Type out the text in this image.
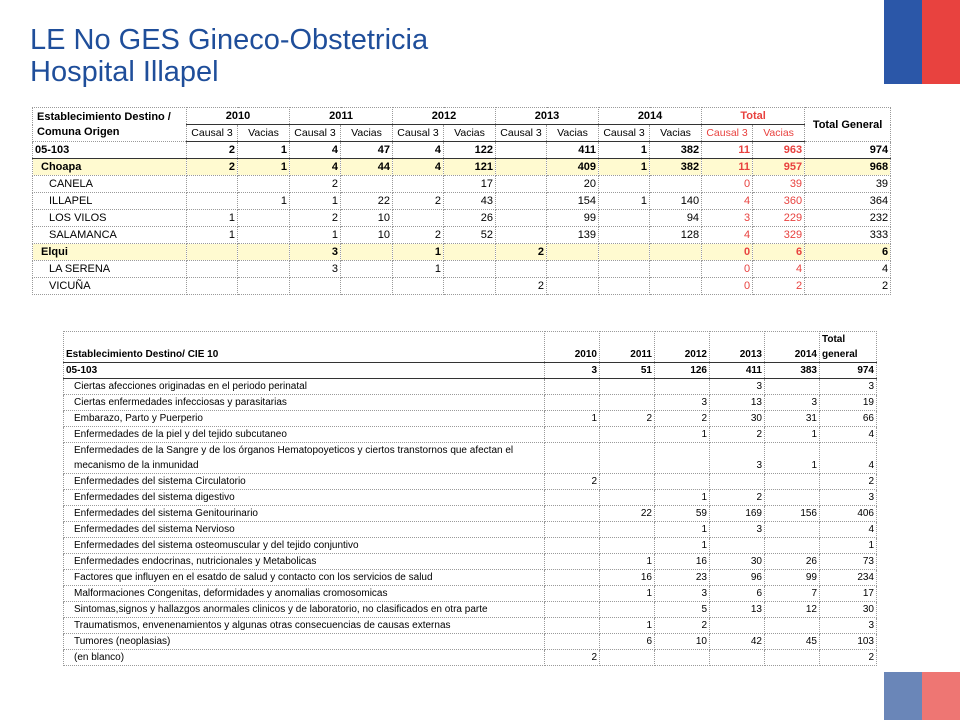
LE No GES Gineco-Obstetricia
Hospital Illapel
Establecimiento Destino / Comuna Origen	2010		2011		2012		2013		2014		Total		Total General
	Causal 3	Vacias	Causal 3	Vacias	Causal 3	Vacias	Causal 3	Vacias	Causal 3	Vacias	Causal 3	Vacias	
05-103	2	1	4	47	4	122		411	1	382	11	963	974
Choapa	2	1	4	44	4	121		409	1	382	11	957	968
CANELA			2			17		20			0	39	39
ILLAPEL		1	1	22	2	43		154	1	140	4	360	364
LOS VILOS	1		2	10		26		99		94	3	229	232
SALAMANCA	1		1	10	2	52		139		128	4	329	333
Elqui			3		1		2				0	6	6
LA SERENA			3		1						0	4	4
VICUÑA							2				0	2	2
Establecimiento Destino/ CIE 10	2010	2011	2012	2013	2014	Total general
05-103	3	51	126	411	383	974
Ciertas afecciones originadas en el periodo perinatal				3		3
Ciertas enfermedades infecciosas y parasitarias			3	13	3	19
Embarazo, Parto y Puerperio	1	2	2	30	31	66
Enfermedades de la piel y del tejido subcutaneo			1	2	1	4
Enfermedades de la Sangre y de los órganos Hematopoyeticos y ciertos transtornos que afectan el mecanismo de la inmunidad				3	1	4
Enfermedades del sistema Circulatorio	2					2
Enfermedades del sistema digestivo			1	2		3
Enfermedades del sistema Genitourinario		22	59	169	156	406
Enfermedades del sistema Nervioso			1	3		4
Enfermedades del sistema osteomuscular y del tejido conjuntivo			1			1
Enfermedades endocrinas, nutricionales y Metabolicas		1	16	30	26	73
Factores que influyen en el esatdo de salud y contacto con los servicios de salud		16	23	96	99	234
Malformaciones Congenitas, deformidades y anomalias cromosomicas		1	3	6	7	17
Sintomas,signos y hallazgos anormales clinicos y de laboratorio, no clasificados en otra parte			5	13	12	30
Traumatismos, envenenamientos y algunas otras consecuencias de causas externas		1	2			3
Tumores (neoplasias)		6	10	42	45	103
(en blanco)	2					2
